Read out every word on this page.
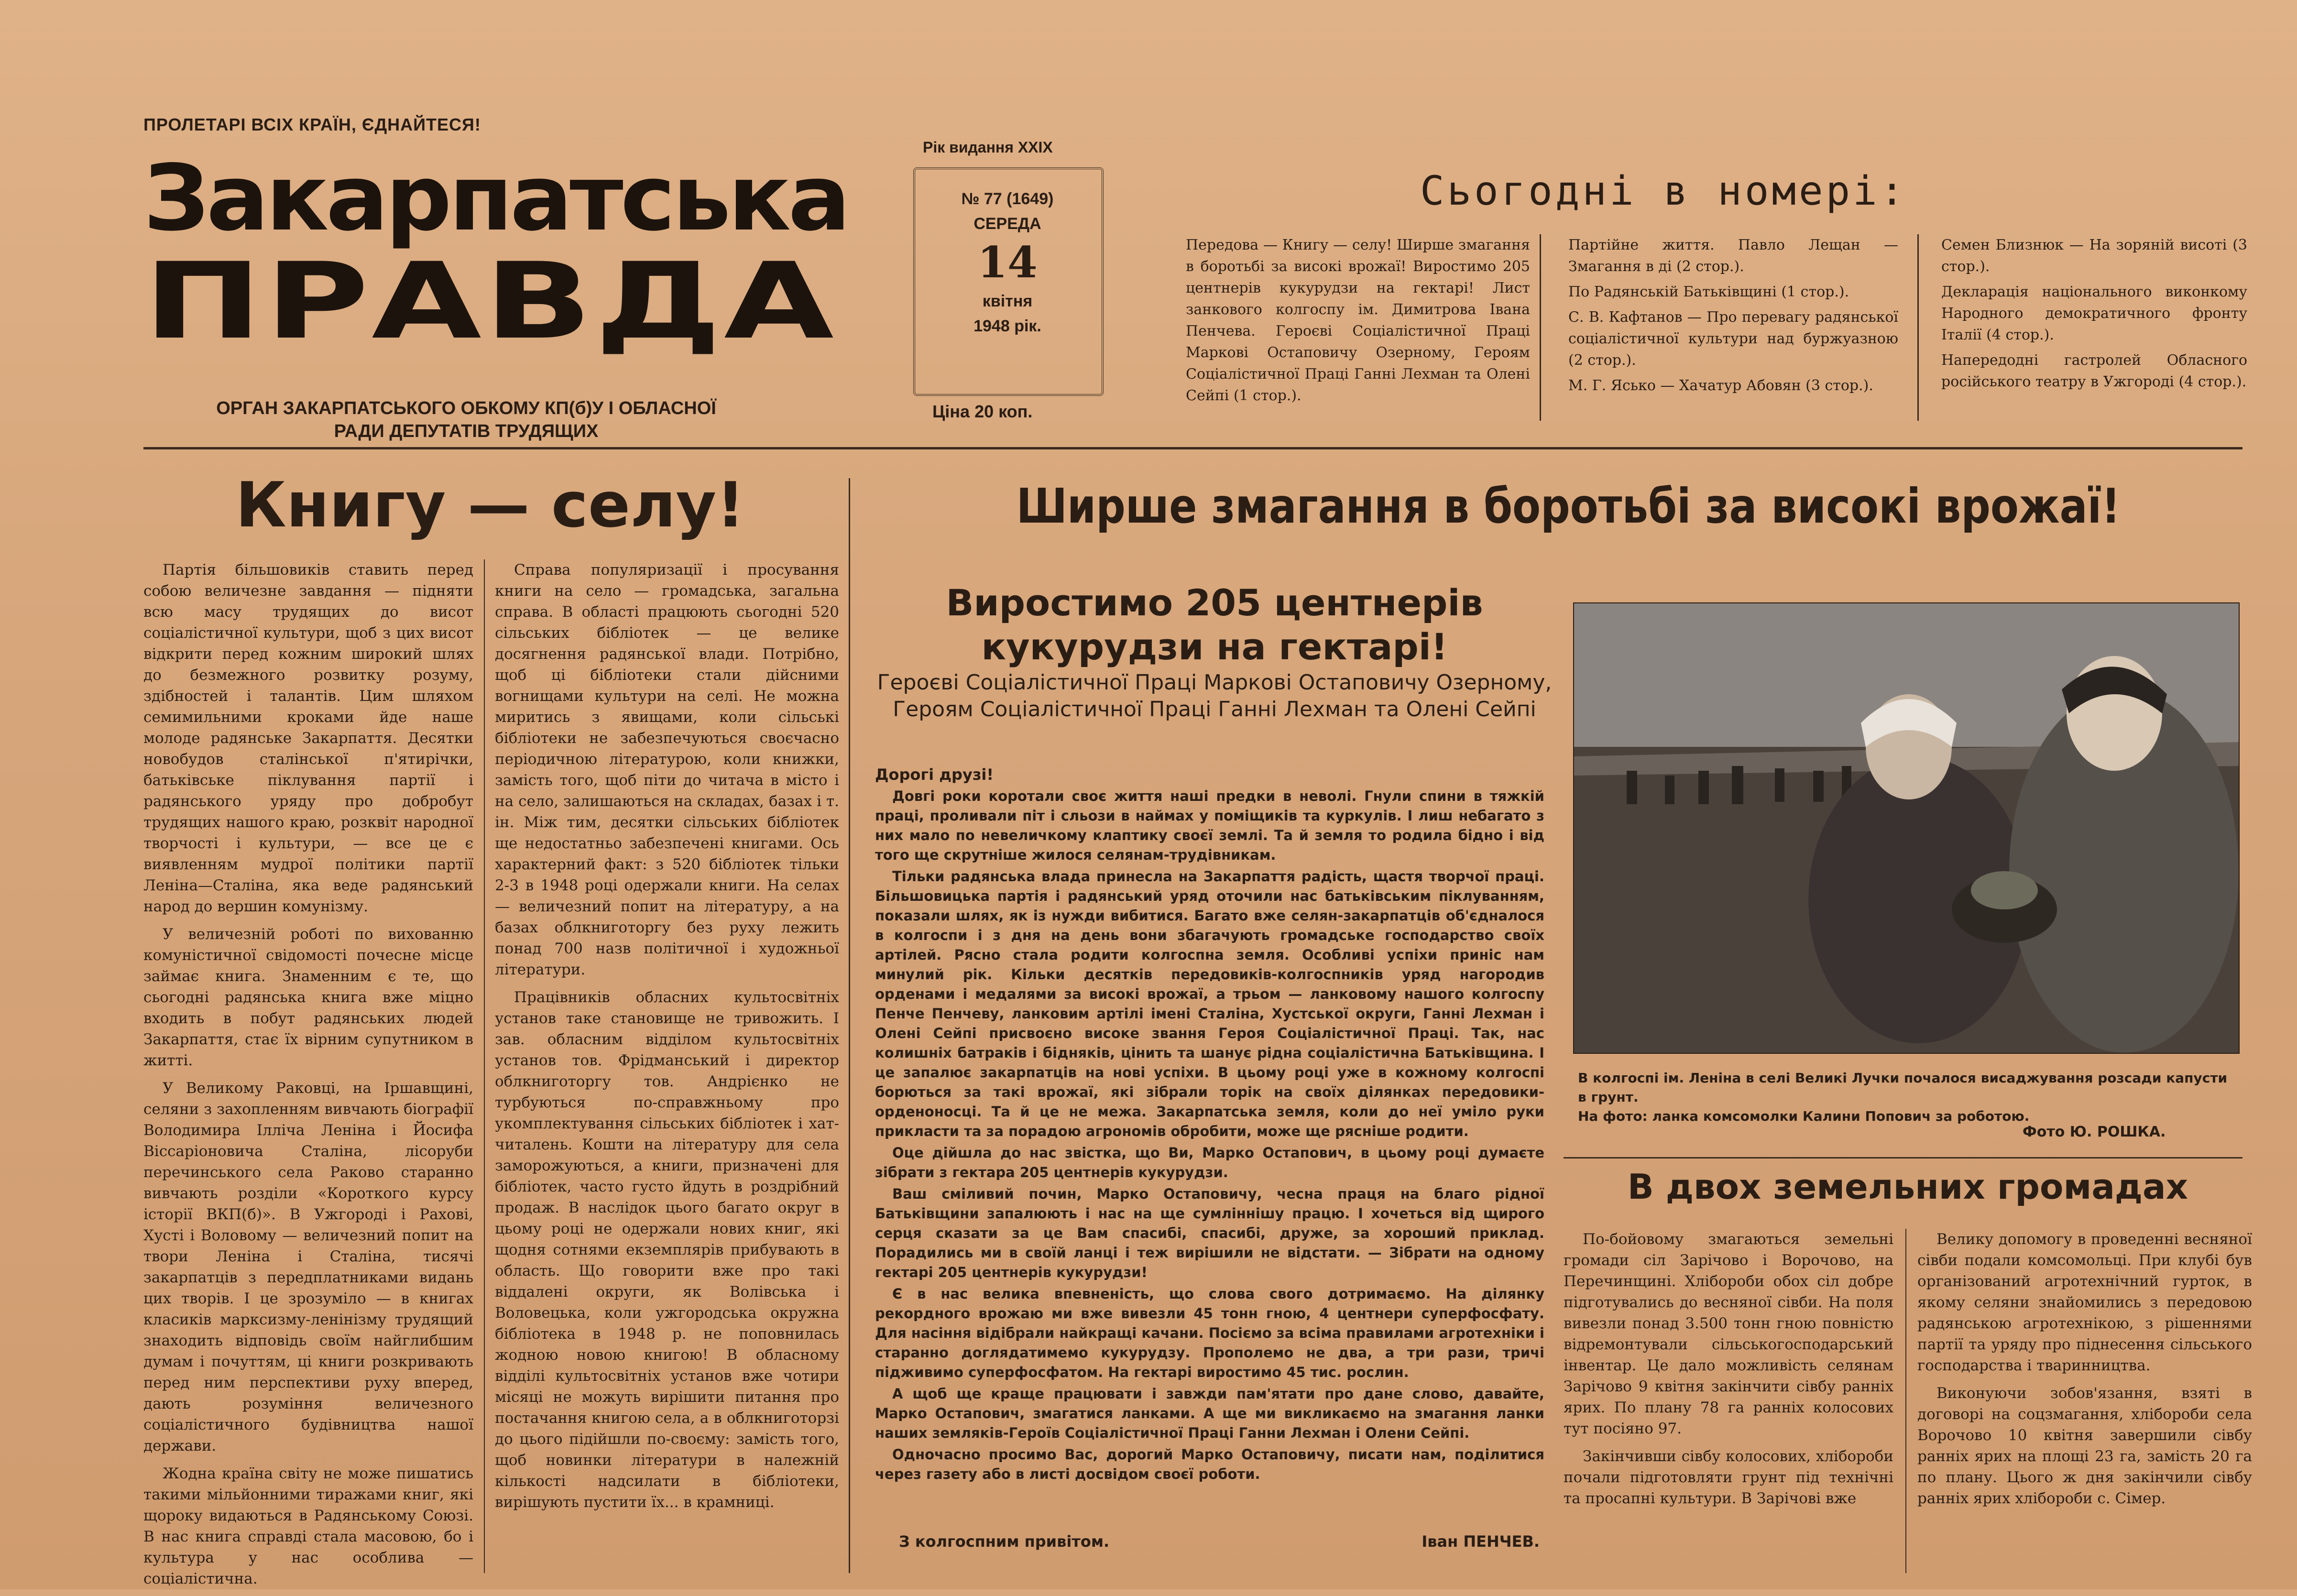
ПРОЛЕТАРІ ВСІХ КРАЇН, ЄДНАЙТЕСЯ!
Закарпатська
ПРАВДА
ОРГАН ЗАКАРПАТСЬКОГО ОБКОМУ КП(б)У І ОБЛАСНОЇ РАДИ ДЕПУТАТІВ ТРУДЯЩИХ
Рік видання XXIX
№ 77 (1649)
СЕРЕДА
14
квітня
1948 рік.
Ціна 20 коп.
Сьогодні в номері:

Передова — Книгу — селу! Ширше змагання в боротьбі за високі врожаї! Виростимо 205 центнерів кукурудзи на гектарі! Лист занкового колгоспу ім. Димитрова Івана Пенчева. Героєві Соціалістичної Праці Маркові Остаповичу Озерному, Героям Соціалістичної Праці Ганні Лехман та Олені Сейпі (1 стор.).

Партійне життя. Павло Лещан — Змагання в ді (2 стор.).

По Радянській Батьківщині (1 стор.).

С. В. Кафтанов — Про перевагу радянської соціалістичної культури над буржуазною (2 стор.).

М. Г. Ясько — Хачатур Абовян (3 стор.).

Семен Близнюк — На зоряній висоті (3 стор.).

Декларація національного виконкому Народного демократичного фронту Італії (4 стор.).

Напередодні гастролей Обласного російського театру в Ужгороді (4 стор.).

Книгу — селу!

Партія більшовиків ставить перед собою величезне завдання — підняти всю масу трудящих до висот соціалістичної культури, щоб з цих висот відкрити перед кожним широкий шлях до безмежного розвитку розуму, здібностей і талантів. Цим шляхом семимильними кроками йде наше молоде радянське Закарпаття. Десятки новобудов сталінської п'ятирічки, батьківське піклування партії і радянського уряду про добробут трудящих нашого краю, розквіт народної творчості і культури, — все це є виявленням мудрої політики партії Леніна—Сталіна, яка веде радянський народ до вершин комунізму.

У величезній роботі по вихованню комуністичної свідомості почесне місце займає книга. Знаменним є те, що сьогодні радянська книга вже міцно входить в побут радянських людей Закарпаття, стає їх вірним супутником в житті.

У Великому Раковці, на Іршавщині, селяни з захопленням вивчають біографії Володимира Ілліча Леніна і Йосифа Віссаріоновича Сталіна, лісоруби перечинського села Раково старанно вивчають розділи «Короткого курсу історії ВКП(б)». В Ужгороді і Рахові, Хусті і Воловому — величезний попит на твори Леніна і Сталіна, тисячі закарпатців з передплатниками видань цих творів. І це зрозуміло — в книгах класиків марксизму-ленінізму трудящий знаходить відповідь своїм найглибшим думам і почуттям, ці книги розкривають перед ним перспективи руху вперед, дають розуміння величезного соціалістичного будівництва нашої держави.

Жодна країна світу не може пишатись такими мільйонними тиражами книг, які щороку видаються в Радянському Союзі. В нас книга справді стала масовою, бо і культура у нас особлива — соціалістична.

Справа популяризації і просування книги на село — громадська, загальна справа. В області працюють сьогодні 520 сільських бібліотек — це велике досягнення радянської влади. Потрібно, щоб ці бібліотеки стали дійсними вогнищами культури на селі. Не можна миритись з явищами, коли сільські бібліотеки не забезпечуються своєчасно періодичною літературою, коли книжки, замість того, щоб піти до читача в місто і на село, залишаються на складах, базах і т. ін. Між тим, десятки сільських бібліотек ще недостатньо забезпечені книгами. Ось характерний факт: з 520 бібліотек тільки 2-3 в 1948 році одержали книги. На селах — величезний попит на літературу, а на базах облкниготоргу без руху лежить понад 700 назв політичної і художньої літератури.

Працівників обласних культосвітніх установ таке становище не тривожить. І зав. обласним відділом культосвітніх установ тов. Фрідманський і директор облкниготоргу тов. Андрієнко не турбуються по-справжньому про укомплектування сільських бібліотек і хат-читалень. Кошти на літературу для села заморожуються, а книги, призначені для бібліотек, часто густо йдуть в роздрібний продаж. В наслідок цього багато округ в цьому році не одержали нових книг, які щодня сотнями екземплярів прибувають в область. Що говорити вже про такі віддалені округи, як Волівська і Воловецька, коли ужгородська окружна бібліотека в 1948 р. не поповнилась жодною новою книгою! В обласному відділі культосвітніх установ вже чотири місяці не можуть вирішити питання про постачання книгою села, а в облкниготорзі до цього підійшли по-своєму: замість того, щоб новинки літератури в належній кількості надсилати в бібліотеки, вирішують пустити їх... в крамниці.

Ширше змагання в боротьбі за високі врожаї!
Виростимо 205 центнерів кукурудзи на гектарі!
Героєві Соціалістичної Праці Маркові Остаповичу Озерному, Героям Соціалістичної Праці Ганні Лехман та Олені Сейпі

Дорогі друзі!

Довгі роки коротали своє життя наші предки в неволі. Гнули спини в тяжкій праці, проливали піт і сльози в наймах у поміщиків та куркулів. І лиш небагато з них мало по невеличкому клаптику своєї землі. Та й земля то родила бідно і від того ще скрутніше жилося селянам-трудівникам.

Тільки радянська влада принесла на Закарпаття радість, щастя творчої праці. Більшовицька партія і радянський уряд оточили нас батьківським піклуванням, показали шлях, як із нужди вибитися. Багато вже селян-закарпатців об'єдналося в колгоспи і з дня на день вони збагачують громадське господарство своїх артілей. Рясно стала родити колгоспна земля. Особливі успіхи приніс нам минулий рік. Кільки десятків передовиків-колгоспників уряд нагородив орденами і медалями за високі врожаї, а трьом — ланковому нашого колгоспу Пенче Пенчеву, ланковим артілі імені Сталіна, Хустської округи, Ганні Лехман і Олені Сейпі присвоєно високе звання Героя Соціалістичної Праці. Так, нас колишніх батраків і бідняків, цінить та шанує рідна соціалістична Батьківщина. І це запалює закарпатців на нові успіхи. В цьому році уже в кожному колгоспі борються за такі врожаї, які зібрали торік на своїх ділянках передовики-орденоносці. Та й це не межа. Закарпатська земля, коли до неї уміло руки прикласти та за порадою агрономів обробити, може ще рясніше родити.

Оце дійшла до нас звістка, що Ви, Марко Остапович, в цьому році думаєте зібрати з гектара 205 центнерів кукурудзи.

Ваш сміливий почин, Марко Остаповичу, чесна праця на благо рідної Батьківщини запалюють і нас на ще сумліннішу працю. І хочеться від щирого серця сказати за це Вам спасибі, спасибі, друже, за хороший приклад. Порадились ми в своїй ланці і теж вирішили не відстати. — Зібрати на одному гектарі 205 центнерів кукурудзи!

Є в нас велика впевненість, що слова свого дотримаємо. На ділянку рекордного врожаю ми вже вивезли 45 тонн гною, 4 центнери суперфосфату. Для насіння відібрали найкращі качани. Посіємо за всіма правилами агротехніки і старанно доглядатимемо кукурудзу. Прополемо не два, а три рази, тричі підживимо суперфосфатом. На гектарі виростимо 45 тис. рослин.

А щоб ще краще працювати і завжди пам'ятати про дане слово, давайте, Марко Остапович, змагатися ланками. А ще ми викликаємо на змагання ланки наших земляків-Героїв Соціалістичної Праці Ганни Лехман і Олени Сейпі.

Одночасно просимо Вас, дорогий Марко Остаповичу, писати нам, поділитися через газету або в листі досвідом своєї роботи.

З колгоспним привітом.	Іван ПЕНЧЕВ.
В колгоспі ім. Леніна в селі Великі Лучки почалося висаджування розсади капусти в грунт.
На фото: ланка комсомолки Калини Попович за роботою.
Фото Ю. РОШКА.
В двох земельних громадах

По-бойовому змагаються земельні громади сіл Зарічово і Ворочово, на Перечинщині. Хлібороби обох сіл добре підготувались до весняної сівби. На поля вивезли понад 3.500 тонн гною повністю відремонтували сільськогосподарський інвентар. Це дало можливість селянам Зарічово 9 квітня закінчити сівбу ранніх ярих. По плану 78 га ранніх колосових тут посіяно 97.

Закінчивши сівбу колосових, хлібороби почали підготовляти грунт під технічні та просапні культури. В Зарічові вже

Велику допомогу в проведенні весняної сівби подали комсомольці. При клубі був організований агротехнічний гурток, в якому селяни знайомились з передовою радянською агротехнікою, з рішеннями партії та уряду про піднесення сільського господарства і тваринництва.

Виконуючи зобов'язання, взяті в договорі на соцзмагання, хлібороби села Ворочово 10 квітня завершили сівбу ранніх ярих на площі 23 га, замість 20 га по плану. Цього ж дня закінчили сівбу ранніх ярих хлібороби с. Сімер.
